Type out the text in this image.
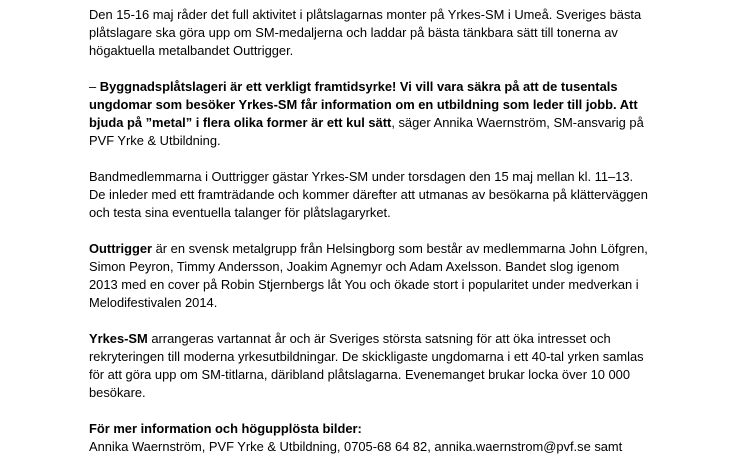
Den 15-16 maj råder det full aktivitet i plåtslagarnas monter på Yrkes-SM i Umeå. Sveriges bästa plåtslagare ska göra upp om SM-medaljerna och laddar på bästa tänkbara sätt till tonerna av högaktuella metalbandet Outtrigger.

– Byggnadsplåtslageri är ett verkligt framtidsyrke! Vi vill vara säkra på att de tusentals ungdomar som besöker Yrkes-SM får information om en utbildning som leder till jobb. Att bjuda på ”metal” i flera olika former är ett kul sätt, säger Annika Waernström, SM-ansvarig på PVF Yrke & Utbildning.

Bandmedlemmarna i Outtrigger gästar Yrkes-SM under torsdagen den 15 maj mellan kl. 11–13. De inleder med ett framträdande och kommer därefter att utmanas av besökarna på klätterväggen och testa sina eventuella talanger för plåtslagaryrket.

Outtrigger är en svensk metalgrupp från Helsingborg som består av medlemmarna John Löfgren, Simon Peyron, Timmy Andersson, Joakim Agnemyr och Adam Axelsson. Bandet slog igenom 2013 med en cover på Robin Stjernbergs låt You och ökade stort i popularitet under medverkan i Melodifestivalen 2014.

Yrkes-SM arrangeras vartannat år och är Sveriges största satsning för att öka intresset och rekryteringen till moderna yrkesutbildningar. De skickligaste ungdomarna i ett 40-tal yrken samlas för att göra upp om SM-titlarna, däribland plåtslagarna. Evenemanget brukar locka över 10 000 besökare.

För mer information och högupplösta bilder:

Annika Waernström, PVF Yrke & Utbildning, 0705-68 64 82, annika.waernstrom@pvf.se samt
